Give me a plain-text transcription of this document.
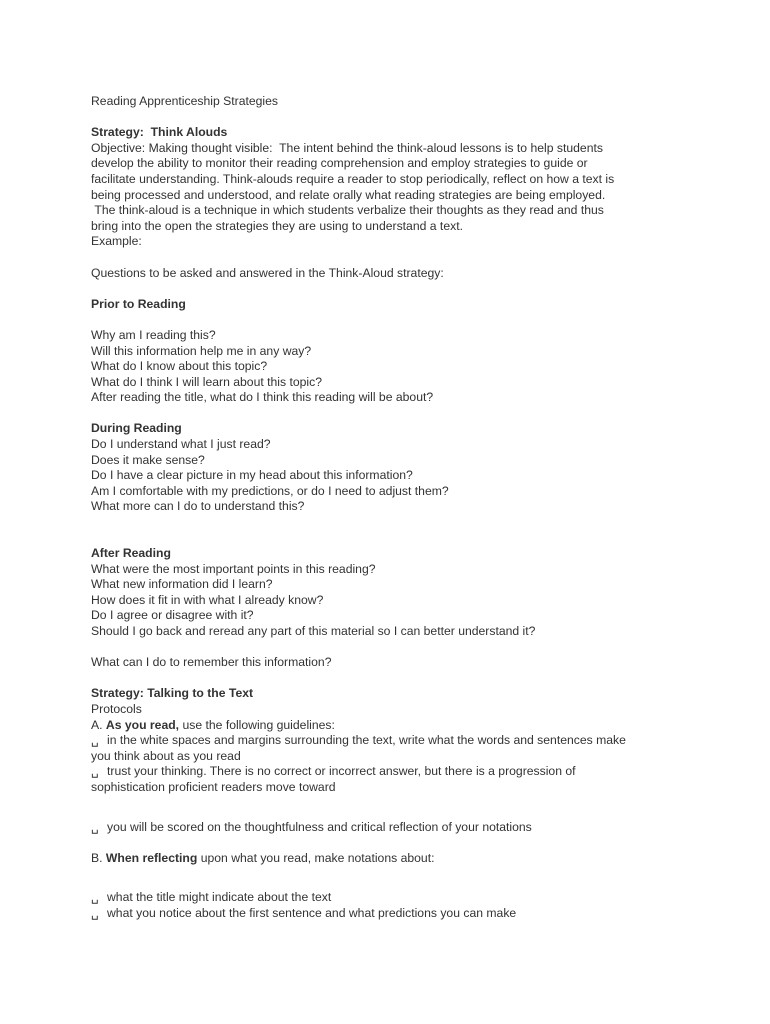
Reading Apprenticeship Strategies

Strategy:  Think Alouds

Objective: Making thought visible:  The intent behind the think-aloud lessons is to help students

develop the ability to monitor their reading comprehension and employ strategies to guide or

facilitate understanding. Think-alouds require a reader to stop periodically, reflect on how a text is

being processed and understood, and relate orally what reading strategies are being employed.

The think-aloud is a technique in which students verbalize their thoughts as they read and thus

bring into the open the strategies they are using to understand a text.

Example:

Questions to be asked and answered in the Think-Aloud strategy:

Prior to Reading

Why am I reading this?

Will this information help me in any way?

What do I know about this topic?

What do I think I will learn about this topic?

After reading the title, what do I think this reading will be about?

During Reading

Do I understand what I just read?

Does it make sense?

Do I have a clear picture in my head about this information?

Am I comfortable with my predictions, or do I need to adjust them?

What more can I do to understand this?

After Reading

What were the most important points in this reading?

What new information did I learn?

How does it fit in with what I already know?

Do I agree or disagree with it?

Should I go back and reread any part of this material so I can better understand it?

What can I do to remember this information?

Strategy: Talking to the Text

Protocols

A. As you read, use the following guidelines:

␣ in the white spaces and margins surrounding the text, write what the words and sentences make

you think about as you read

␣ trust your thinking. There is no correct or incorrect answer, but there is a progression of

sophistication proficient readers move toward

␣ you will be scored on the thoughtfulness and critical reflection of your notations

B. When reflecting upon what you read, make notations about:

␣ what the title might indicate about the text

␣ what you notice about the first sentence and what predictions you can make
